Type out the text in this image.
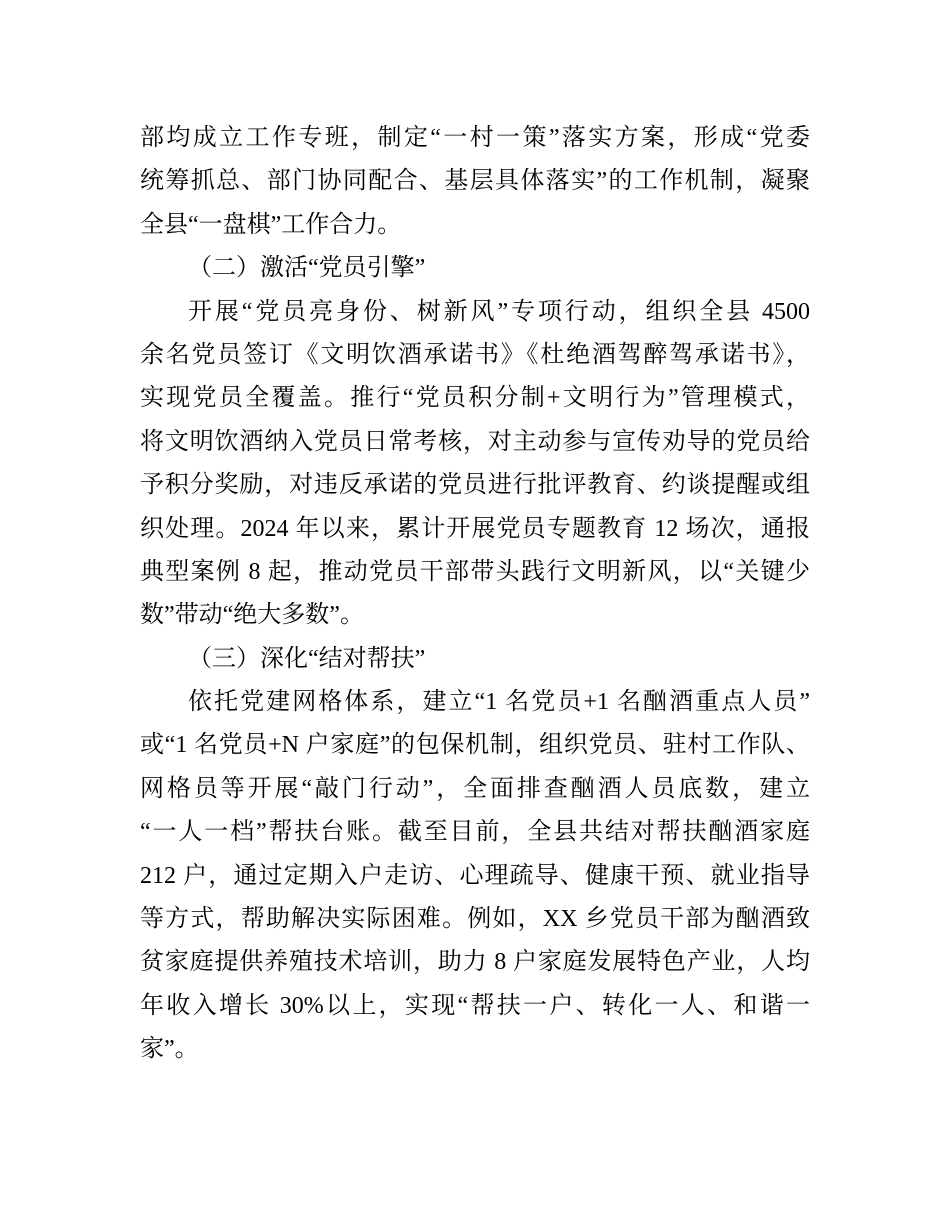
部均成立工作专班，制定“一村一策”落实方案，形成“党委
统筹抓总、部门协同配合、基层具体落实”的工作机制，凝聚
全县“一盘棋”工作合力。
（二）激活“党员引擎”
开展“党员亮身份、树新风”专项行动，组织全县 4500
余名党员签订《文明饮酒承诺书》《杜绝酒驾醉驾承诺书》，
实现党员全覆盖。推行“党员积分制+文明行为”管理模式，
将文明饮酒纳入党员日常考核，对主动参与宣传劝导的党员给
予积分奖励，对违反承诺的党员进行批评教育、约谈提醒或组
织处理。2024 年以来，累计开展党员专题教育 12 场次，通报
典型案例 8 起，推动党员干部带头践行文明新风，以“关键少
数”带动“绝大多数”。
（三）深化“结对帮扶”
依托党建网格体系，建立“1 名党员+1 名酗酒重点人员”
或“1 名党员+N 户家庭”的包保机制，组织党员、驻村工作队、
网格员等开展“敲门行动”，全面排查酗酒人员底数，建立
“一人一档”帮扶台账。截至目前，全县共结对帮扶酗酒家庭
212 户，通过定期入户走访、心理疏导、健康干预、就业指导
等方式，帮助解决实际困难。例如，XX 乡党员干部为酗酒致
贫家庭提供养殖技术培训，助力 8 户家庭发展特色产业，人均
年收入增长 30%以上，实现“帮扶一户、转化一人、和谐一
家”。
